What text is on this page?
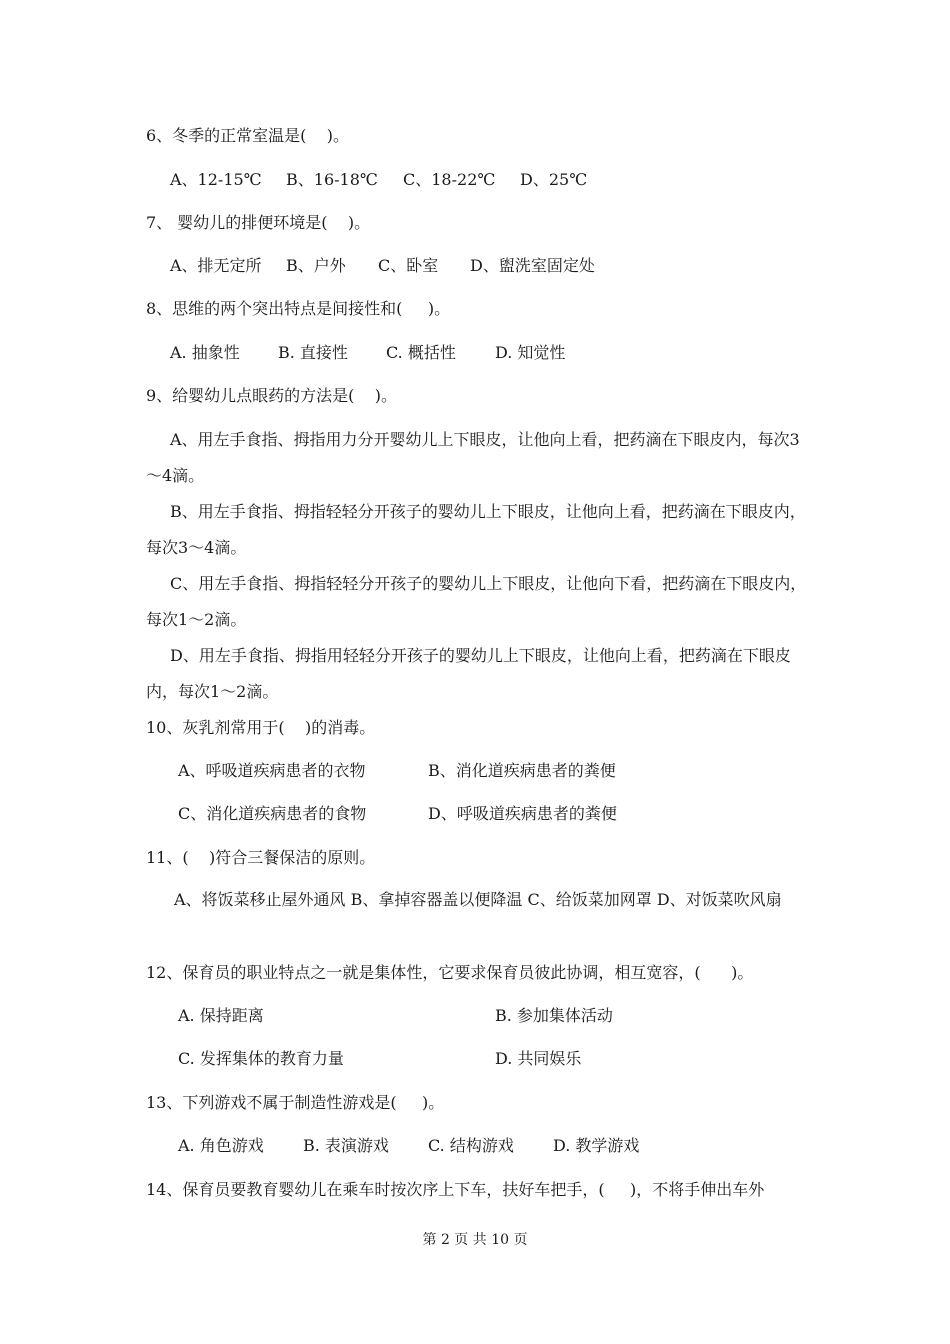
6、冬季的正常室温是(    )。
A、12-15℃ B、16-18℃ C、18-22℃ D、25℃
7、 婴幼儿的排便环境是(    )。
A、排无定所 B、户外 C、卧室 D、盥洗室固定处
8、思维的两个突出特点是间接性和(     )。
A. 抽象性 B. 直接性 C. 概括性 D. 知觉性
9、给婴幼儿点眼药的方法是(    )。
A、用左手食指、拇指用力分开婴幼儿上下眼皮，让他向上看，把药滴在下眼皮内，每次3～4滴。
B、用左手食指、拇指轻轻分开孩子的婴幼儿上下眼皮，让他向上看，把药滴在下眼皮内，每次3～4滴。
C、用左手食指、拇指轻轻分开孩子的婴幼儿上下眼皮，让他向下看，把药滴在下眼皮内，每次1～2滴。
D、用左手食指、拇指用轻轻分开孩子的婴幼儿上下眼皮，让他向上看，把药滴在下眼皮内，每次1～2滴。
10、灰乳剂常用于(    )的消毒。
A、呼吸道疾病患者的衣物	B、消化道疾病患者的粪便
C、消化道疾病患者的食物	D、呼吸道疾病患者的粪便
11、(    )符合三餐保洁的原则。
A、将饭菜移止屋外通风 B、拿掉容器盖以便降温 C、给饭菜加网罩 D、对饭菜吹风扇
12、保育员的职业特点之一就是集体性，它要求保育员彼此协调，相互宽容，(      )。
A. 保持距离	B. 参加集体活动
C. 发挥集体的教育力量	D. 共同娱乐
13、下列游戏不属于制造性游戏是(     )。
A. 角色游戏 B. 表演游戏 C. 结构游戏 D. 教学游戏
14、保育员要教育婴幼儿在乘车时按次序上下车，扶好车把手，(     )，不将手伸出车外
第 2 页 共 10 页
